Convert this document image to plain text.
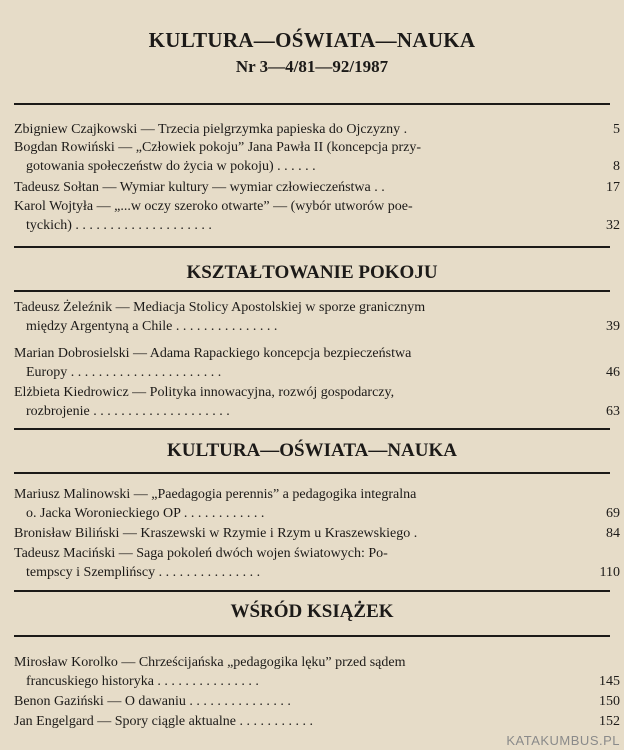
KULTURA—OŚWIATA—NAUKA
Nr 3—4/81—92/1987
Zbigniew Czajkowski — Trzecia pielgrzymka papieska do Ojczyzny .	5
Bogdan Rowiński — „Człowiek pokoju” Jana Pawła II (koncepcja przy-
gotowania społeczeństw do życia w pokoju) . . . . . .	8
Tadeusz Sołtan — Wymiar kultury — wymiar człowieczeństwa . .	17
Karol Wojtyła — „...w oczy szeroko otwarte” — (wybór utworów poe-
tyckich) . . . . . . . . . . . . . . . . . . . .	32
KSZTAŁTOWANIE POKOJU
Tadeusz Żeleźnik — Mediacja Stolicy Apostolskiej w sporze granicznym
między Argentyną a Chile . . . . . . . . . . . . . . .	39
Marian Dobrosielski — Adama Rapackiego koncepcja bezpieczeństwa
Europy . . . . . . . . . . . . . . . . . . . . . .	46
Elżbieta Kiedrowicz — Polityka innowacyjna, rozwój gospodarczy,
rozbrojenie . . . . . . . . . . . . . . . . . . . .	63
KULTURA—OŚWIATA—NAUKA
Mariusz Malinowski — „Paedagogia perennis” a pedagogika integralna
o. Jacka Woronieckiego OP . . . . . . . . . . . .	69
Bronisław Biliński — Kraszewski w Rzymie i Rzym u Kraszewskiego .	84
Tadeusz Maciński — Saga pokoleń dwóch wojen światowych: Po-
tempscy i Szemplińscy . . . . . . . . . . . . . . .	110
WŚRÓD KSIĄŻEK
Mirosław Korolko — Chrześcijańska „pedagogika lęku” przed sądem
francuskiego historyka . . . . . . . . . . . . . . .	145
Benon Gaziński — O dawaniu . . . . . . . . . . . . . . .	150
Jan Engelgard — Spory ciągle aktualne . . . . . . . . . . .	152
KATAKUMBUS.PL
